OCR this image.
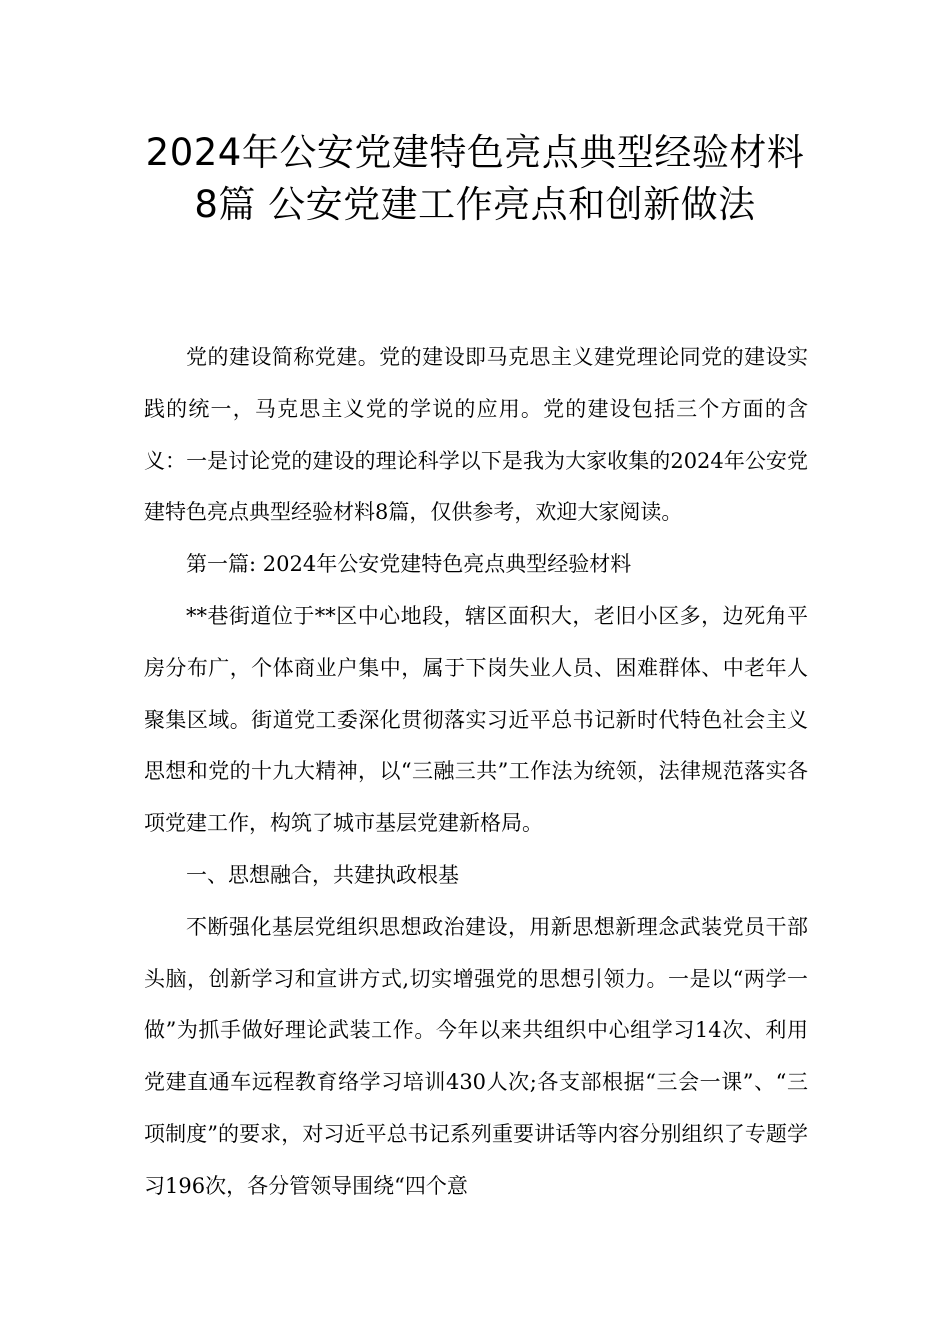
2024年公安党建特色亮点典型经验材料
8篇 公安党建工作亮点和创新做法

党的建设简称党建。党的建设即马克思主义建党理论同党的建设实践的统一，马克思主义党的学说的应用。党的建设包括三个方面的含义：一是讨论党的建设的理论科学以下是我为大家收集的2024年公安党建特色亮点典型经验材料8篇，仅供参考，欢迎大家阅读。

第一篇: 2024年公安党建特色亮点典型经验材料

**巷街道位于**区中心地段，辖区面积大，老旧小区多，边死角平房分布广，个体商业户集中，属于下岗失业人员、困难群体、中老年人聚集区域。街道党工委深化贯彻落实习近平总书记新时代特色社会主义思想和党的十九大精神，以“三融三共”工作法为统领，法律规范落实各项党建工作，构筑了城市基层党建新格局。

一、思想融合，共建执政根基

不断强化基层党组织思想政治建设，用新思想新理念武装党员干部头脑，创新学习和宣讲方式,切实增强党的思想引领力。一是以“两学一做”为抓手做好理论武装工作。今年以来共组织中心组学习14次、利用党建直通车远程教育络学习培训430人次;各支部根据“三会一课”、“三项制度”的要求，对习近平总书记系列重要讲话等内容分别组织了专题学习196次，各分管领导围绕“四个意
